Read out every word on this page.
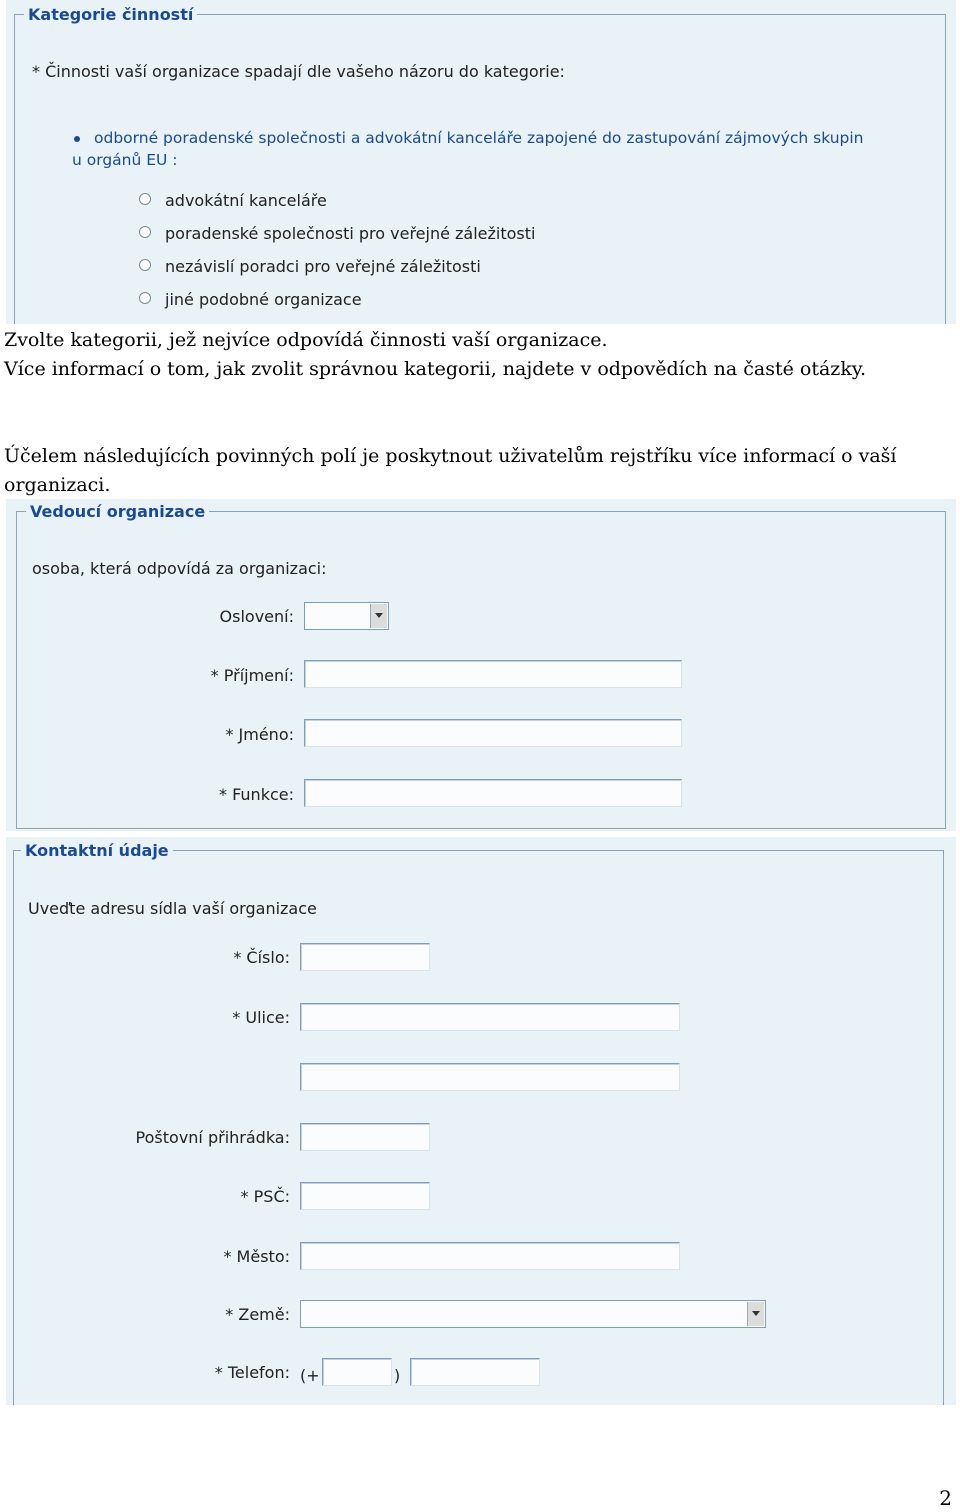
Kategorie činností
* Činnosti vaší organizace spadají dle vašeho názoru do kategorie:
odborné poradenské společnosti a advokátní kanceláře zapojené do zastupování zájmových skupin
u orgánů EU :
advokátní kanceláře
poradenské společnosti pro veřejné záležitosti
nezávislí poradci pro veřejné záležitosti
jiné podobné organizace
Zvolte kategorii, jež nejvíce odpovídá činnosti vaší organizace.
Více informací o tom, jak zvolit správnou kategorii, najdete v odpovědích na časté otázky.
Účelem následujících povinných polí je poskytnout uživatelům rejstříku více informací o vaší
organizaci.
Vedoucí organizace
osoba, která odpovídá za organizaci:
Oslovení:
* Příjmení:
* Jméno:
* Funkce:
Kontaktní údaje
Uveďte adresu sídla vaší organizace
* Číslo:
* Ulice:
Poštovní přihrádka:
* PSČ:
* Město:
* Země:
* Telefon: (+	)
2
